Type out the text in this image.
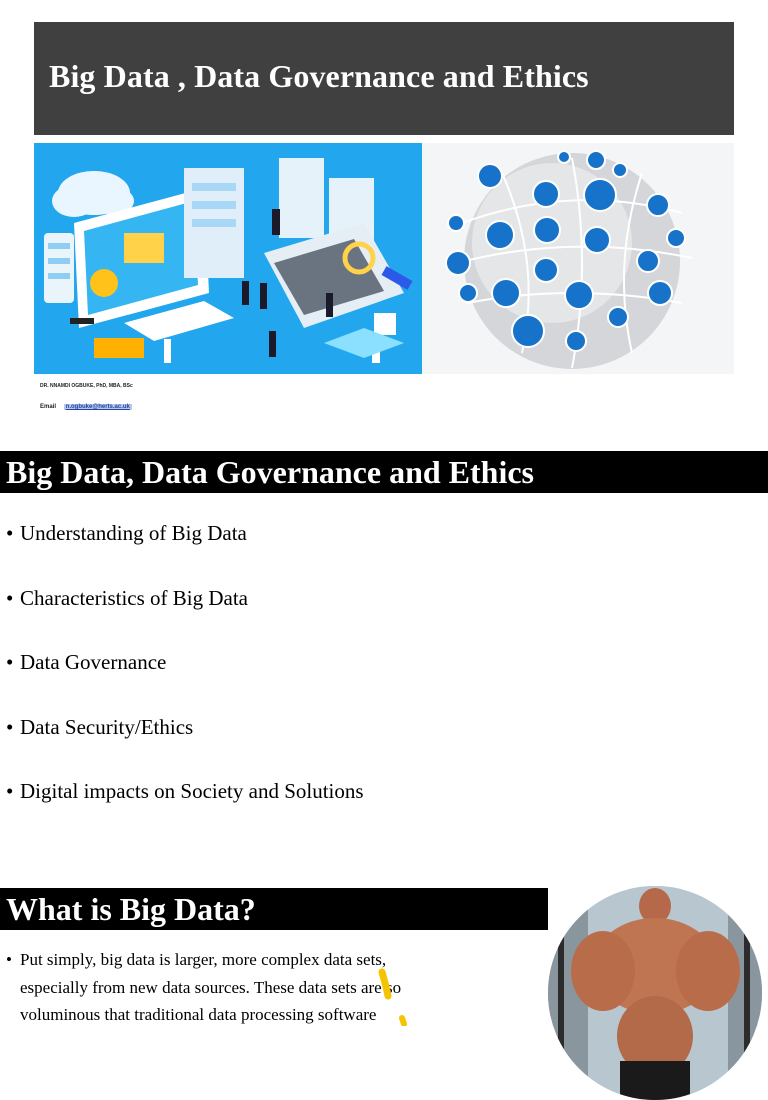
Big Data , Data Governance and Ethics
DR. NNAMDI OGBUKE, PhD, MBA, BSc
Email n.ogbuke@herts.ac.uk
Big Data, Data Governance and Ethics
• Understanding of Big Data
• Characteristics of Big Data
• Data Governance
• Data Security/Ethics
• Digital impacts on Society and Solutions
What is Big Data?
• Put simply, big data is larger, more complex data sets, especially from new data sources. These data sets are so voluminous that traditional data processing software
